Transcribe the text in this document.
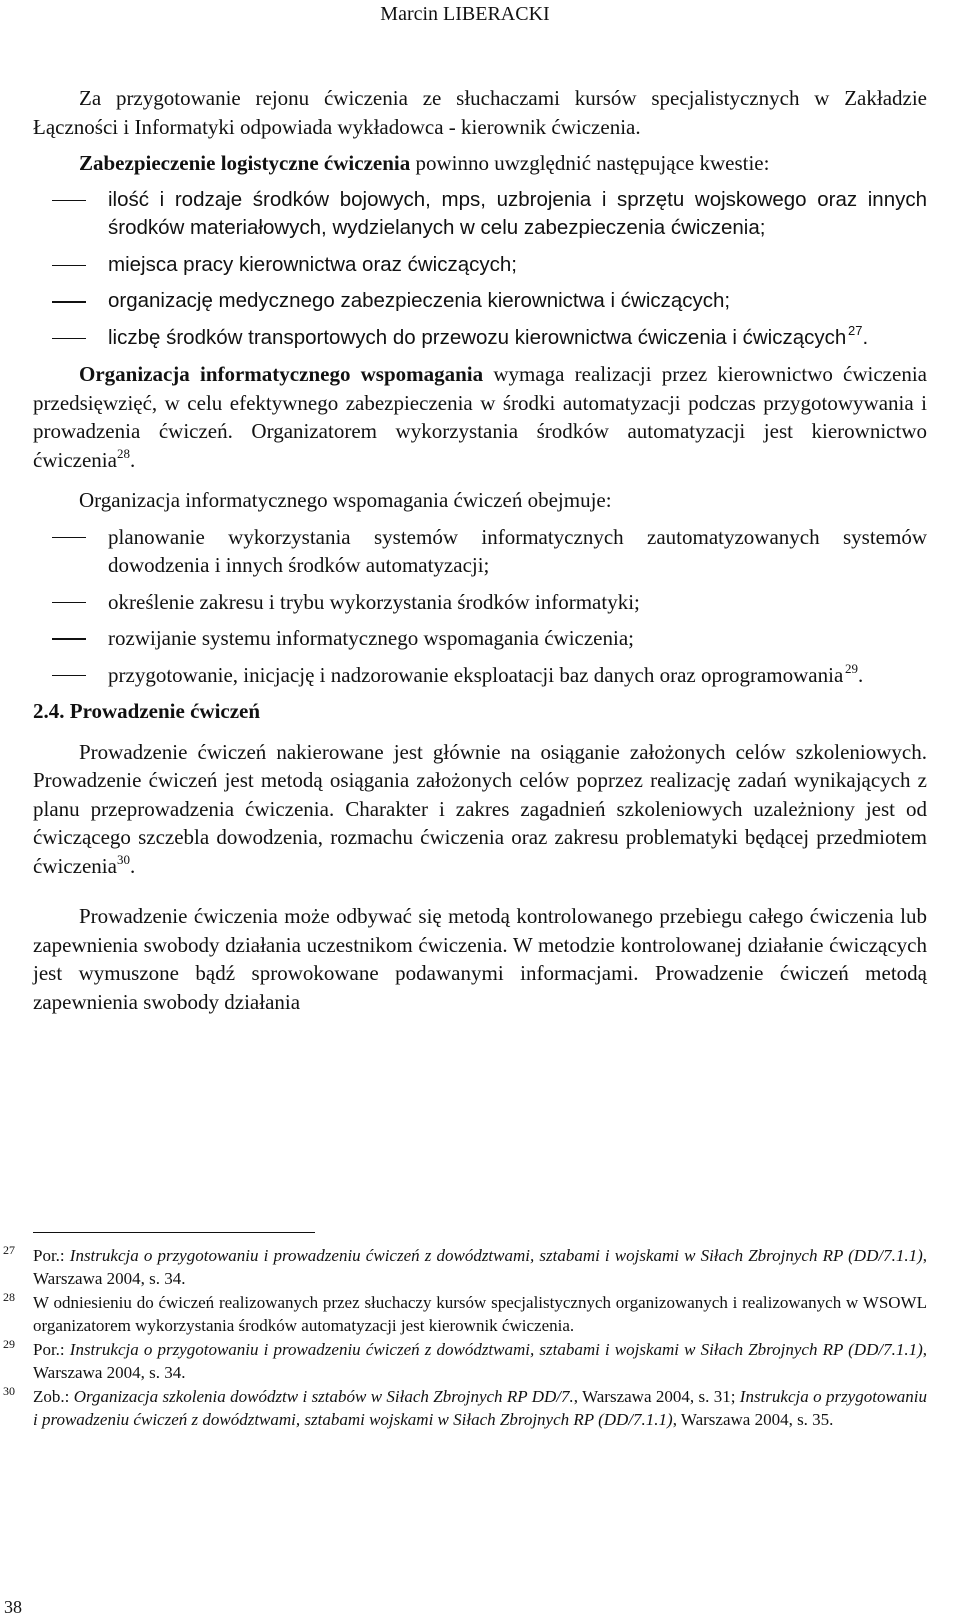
Marcin LIBERACKI

Za przygotowanie rejonu ćwiczenia ze słuchaczami kursów specjalistycznych w Zakładzie Łączności i Informatyki odpowiada wykładowca - kierownik ćwiczenia.

Zabezpieczenie logistyczne ćwiczenia powinno uwzględnić następujące kwestie:

ilość i rodzaje środków bojowych, mps, uzbrojenia i sprzętu wojskowego oraz innych środków materiałowych, wydzielanych w celu zabezpieczenia ćwiczenia;
miejsca pracy kierownictwa oraz ćwiczących;
organizację medycznego zabezpieczenia kierownictwa i ćwiczących;
liczbę środków transportowych do przewozu kierownictwa ćwiczenia i ćwiczących  $^{27}$.

Organizacja informatycznego wspomagania wymaga realizacji przez kierownictwo ćwiczenia przedsięwzięć, w celu efektywnego zabezpieczenia w środki automatyzacji podczas przygotowywania i prowadzenia ćwiczeń. Organizatorem wykorzystania środków automatyzacji jest kierownictwo ćwiczenia$^{28}$.

Organizacja informatycznego wspomagania ćwiczeń obejmuje:

planowanie wykorzystania systemów informatycznych zautomatyzowanych systemów dowodzenia i innych środków automatyzacji;
określenie zakresu i trybu wykorzystania środków informatyki;
rozwijanie systemu informatycznego wspomagania ćwiczenia;
przygotowanie, inicjację i nadzorowanie eksploatacji baz danych oraz oprogramowania  $^{29}$.
2.4. Prowadzenie ćwiczeń

Prowadzenie ćwiczeń nakierowane jest głównie na osiąganie założonych celów szkoleniowych. Prowadzenie ćwiczeń jest metodą osiągania założonych celów poprzez realizację zadań wynikających z planu przeprowadzenia ćwiczenia. Charakter i zakres zagadnień szkoleniowych uzależniony jest od ćwiczącego szczebla dowodzenia, rozmachu ćwiczenia oraz zakresu problematyki będącej przedmiotem ćwiczenia$^{30}$.

Prowadzenie ćwiczenia może odbywać się metodą kontrolowanego przebiegu całego ćwiczenia lub zapewnienia swobody działania uczestnikom ćwiczenia. W metodzie kontrolowanej działanie ćwiczących jest wymuszone bądź sprowokowane podawanymi informacjami. Prowadzenie ćwiczeń metodą zapewnienia swobody działania

27 Por.: Instrukcja o przygotowaniu i prowadzeniu ćwiczeń z dowództwami, sztabami i wojskami w Siłach Zbrojnych RP (DD/7.1.1), Warszawa 2004, s. 34.
28 W odniesieniu do ćwiczeń realizowanych przez słuchaczy kursów specjalistycznych organizowanych i realizowanych w WSOWL organizatorem wykorzystania środków automatyzacji jest kierownik ćwiczenia.
29 Por.: Instrukcja o przygotowaniu i prowadzeniu ćwiczeń z dowództwami, sztabami i wojskami w Siłach Zbrojnych RP (DD/7.1.1), Warszawa 2004, s. 34.
30 Zob.: Organizacja szkolenia dowództw i sztabów w Siłach Zbrojnych RP DD/7., Warszawa 2004, s. 31; Instrukcja o przygotowaniu i prowadzeniu ćwiczeń z dowództwami, sztabami wojskami w Siłach Zbrojnych RP (DD/7.1.1), Warszawa 2004, s. 35.
38
